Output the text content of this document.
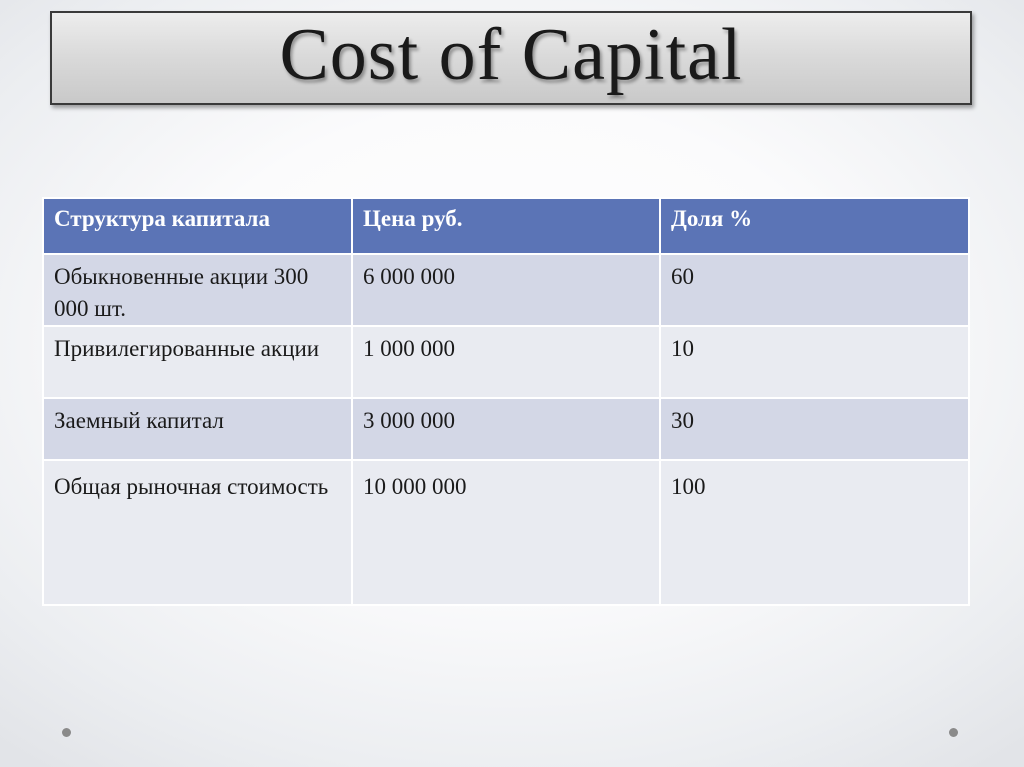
Cost of Capital
Структура капитала	Цена руб.	Доля %
Обыкновенные акции 300 000 шт.	6 000 000	60
Привилегированные акции	1 000 000	10
Заемный капитал	3 000 000	30
Общая рыночная стоимость	10 000 000	100
